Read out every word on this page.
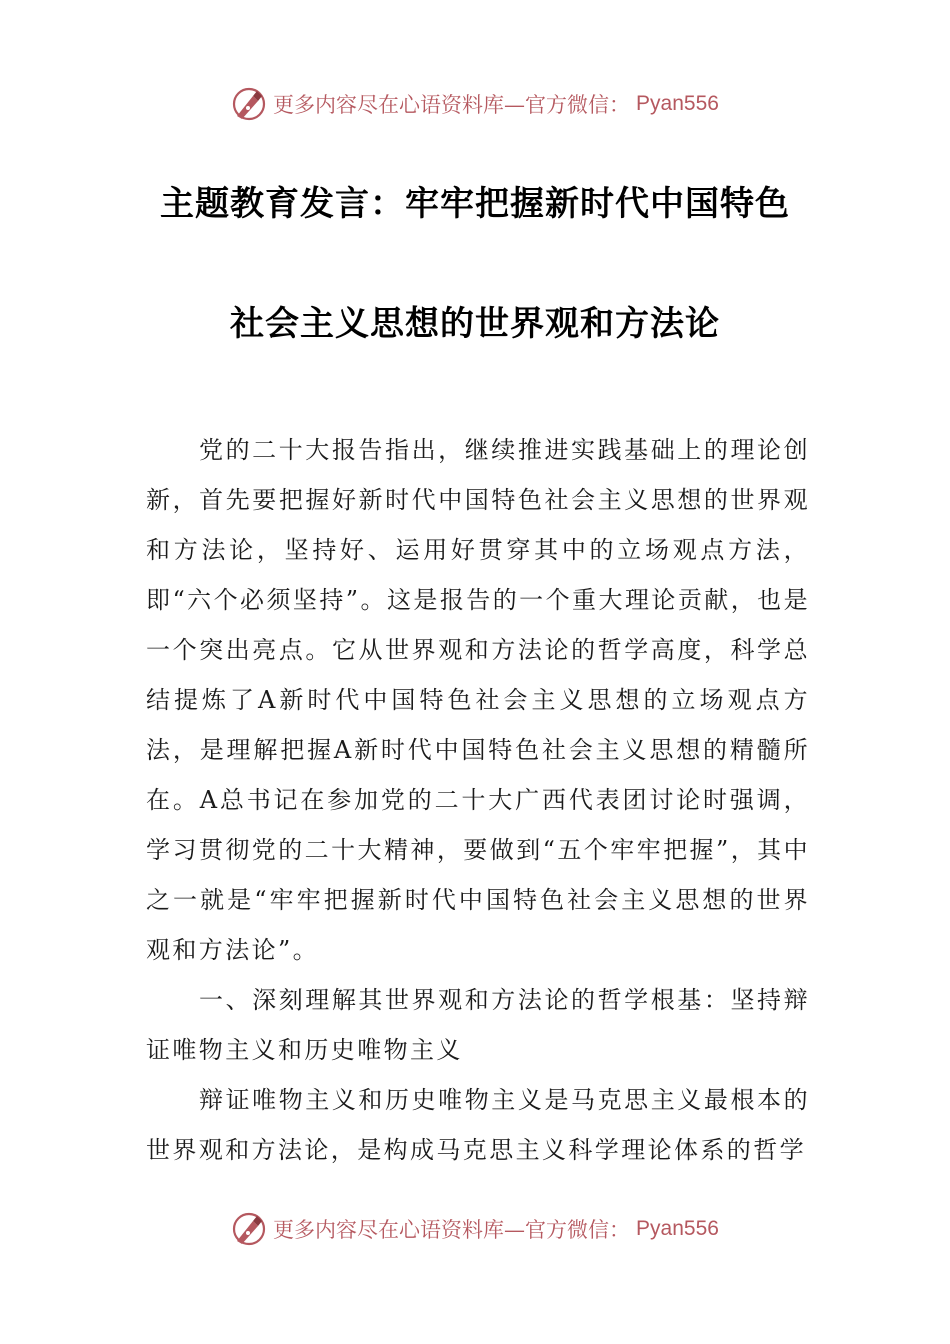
更多内容尽在心语资料库—官方微信： Pyan556
主题教育发言：牢牢把握新时代中国特色
社会主义思想的世界观和方法论

党的二十大报告指出，继续推进实践基础上的理论创新，首先要把握好新时代中国特色社会主义思想的世界观和方法论，坚持好、运用好贯穿其中的立场观点方法，即“六个必须坚持”。这是报告的一个重大理论贡献，也是一个突出亮点。它从世界观和方法论的哲学高度，科学总结提炼了A新时代中国特色社会主义思想的立场观点方法，是理解把握A新时代中国特色社会主义思想的精髓所在。A总书记在参加党的二十大广西代表团讨论时强调，学习贯彻党的二十大精神，要做到“五个牢牢把握”，其中之一就是“牢牢把握新时代中国特色社会主义思想的世界观和方法论”。

一、深刻理解其世界观和方法论的哲学根基：坚持辩证唯物主义和历史唯物主义

辩证唯物主义和历史唯物主义是马克思主义最根本的世界观和方法论，是构成马克思主义科学理论体系的哲学

更多内容尽在心语资料库—官方微信： Pyan556
